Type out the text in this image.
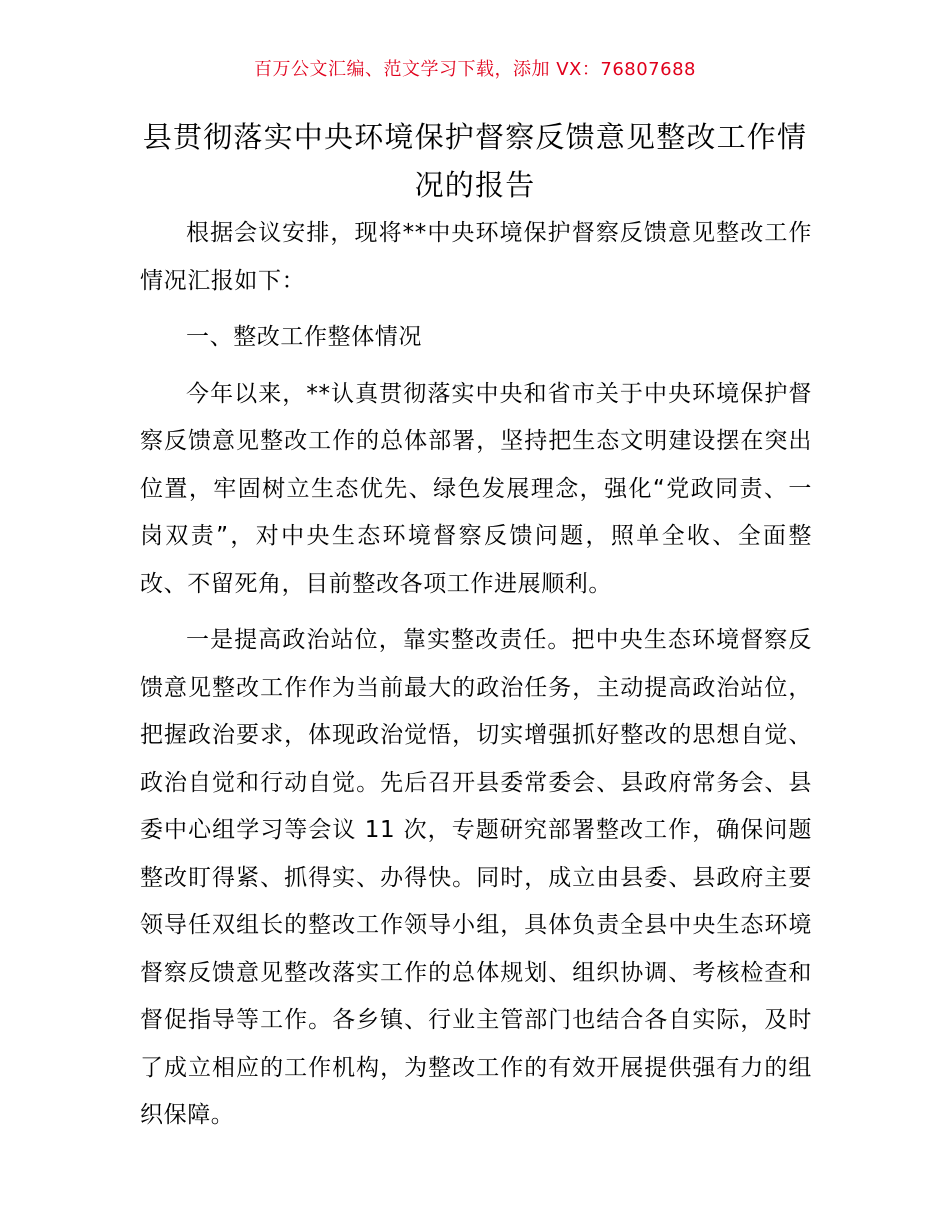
百万公文汇编、范文学习下载，添加 VX：76807688
县贯彻落实中央环境保护督察反馈意见整改工作情况的报告

根据会议安排，现将**中央环境保护督察反馈意见整改工作情况汇报如下：

一、整改工作整体情况

今年以来，**认真贯彻落实中央和省市关于中央环境保护督察反馈意见整改工作的总体部署，坚持把生态文明建设摆在突出位置，牢固树立生态优先、绿色发展理念，强化“党政同责、一岗双责”，对中央生态环境督察反馈问题，照单全收、全面整改、不留死角，目前整改各项工作进展顺利。

一是提高政治站位，靠实整改责任。把中央生态环境督察反馈意见整改工作作为当前最大的政治任务，主动提高政治站位，把握政治要求，体现政治觉悟，切实增强抓好整改的思想自觉、政治自觉和行动自觉。先后召开县委常委会、县政府常务会、县委中心组学习等会议 11 次，专题研究部署整改工作，确保问题整改盯得紧、抓得实、办得快。同时，成立由县委、县政府主要领导任双组长的整改工作领导小组，具体负责全县中央生态环境督察反馈意见整改落实工作的总体规划、组织协调、考核检查和督促指导等工作。各乡镇、行业主管部门也结合各自实际，及时了成立相应的工作机构，为整改工作的有效开展提供强有力的组织保障。
